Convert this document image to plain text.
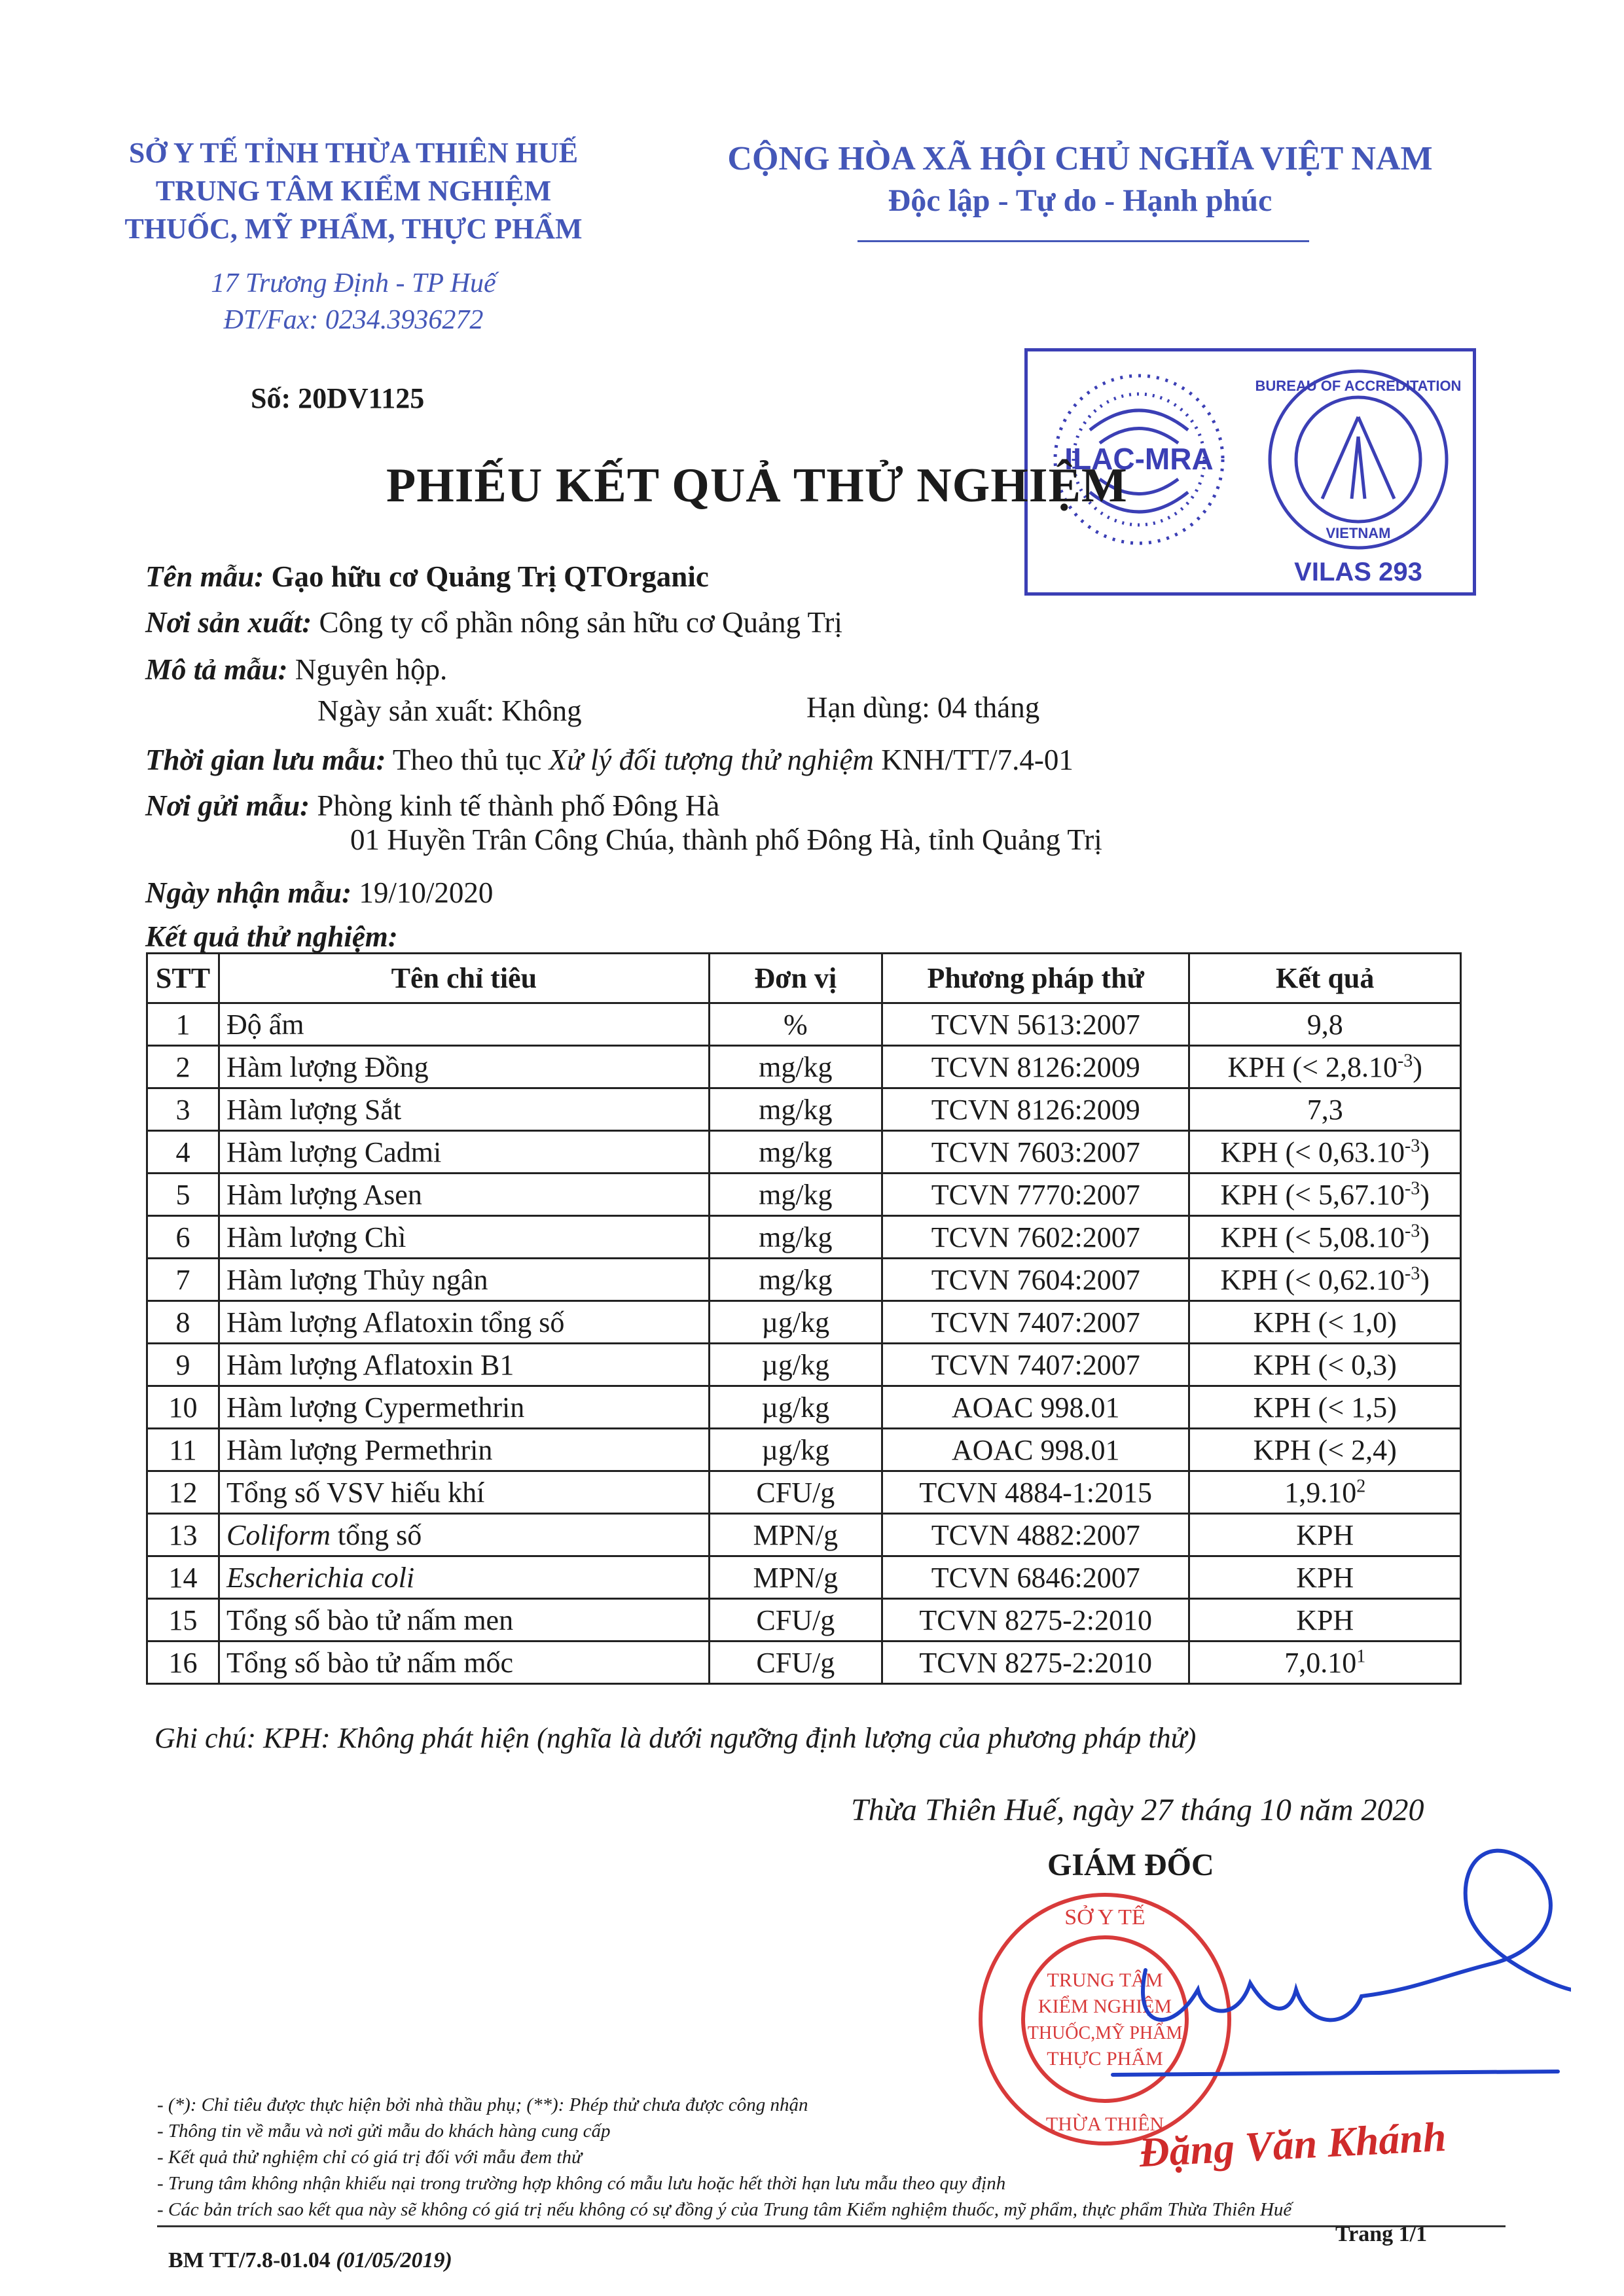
SỞ Y TẾ TỈNH THỪA THIÊN HUẾ
TRUNG TÂM KIỂM NGHIỆM
THUỐC, MỸ PHẨM, THỰC PHẨM
17 Trương Định - TP Huế
ĐT/Fax: 0234.3936272
CỘNG HÒA XÃ HỘI CHỦ NGHĨA VIỆT NAM
Độc lập - Tự do - Hạnh phúc
ILAC-MRA
BUREAU OF ACCREDITATION
VIETNAM
VILAS 293
Số: 20DV1125
PHIẾU KẾT QUẢ THỬ NGHIỆM
Tên mẫu: Gạo hữu cơ Quảng Trị QTOrganic
Nơi sản xuất: Công ty cổ phần nông sản hữu cơ Quảng Trị
Mô tả mẫu: Nguyên hộp.
Ngày sản xuất: Không	Hạn dùng: 04 tháng
Thời gian lưu mẫu: Theo thủ tục Xử lý đối tượng thử nghiệm KNH/TT/7.4-01
Nơi gửi mẫu: Phòng kinh tế thành phố Đông Hà
01 Huyền Trân Công Chúa, thành phố Đông Hà, tỉnh Quảng Trị
Ngày nhận mẫu: 19/10/2020
Kết quả thử nghiệm:
STT	Tên chỉ tiêu	Đơn vị	Phương pháp thử	Kết quả
1	Độ ẩm	%	TCVN 5613:2007	9,8
2	Hàm lượng Đồng	mg/kg	TCVN 8126:2009	KPH (< $2,8.10^{-3}$)
3	Hàm lượng Sắt	mg/kg	TCVN 8126:2009	7,3
4	Hàm lượng Cadmi	mg/kg	TCVN 7603:2007	KPH (< $0,63.10^{-3}$)
5	Hàm lượng Asen	mg/kg	TCVN 7770:2007	KPH (< $5,67.10^{-3}$)
6	Hàm lượng Chì	mg/kg	TCVN 7602:2007	KPH (< $5,08.10^{-3}$)
7	Hàm lượng Thủy ngân	mg/kg	TCVN 7604:2007	KPH (< $0,62.10^{-3}$)
8	Hàm lượng Aflatoxin tổng số	µg/kg	TCVN 7407:2007	KPH (< 1,0)
9	Hàm lượng Aflatoxin B1	µg/kg	TCVN 7407:2007	KPH (< 0,3)
10	Hàm lượng Cypermethrin	µg/kg	AOAC 998.01	KPH (< 1,5)
11	Hàm lượng Permethrin	µg/kg	AOAC 998.01	KPH (< 2,4)
12	Tổng số VSV hiếu khí	CFU/g	TCVN 4884-1:2015	1,9.10$^2$
13	Coliform tổng số	MPN/g	TCVN 4882:2007	KPH
14	Escherichia coli	MPN/g	TCVN 6846:2007	KPH
15	Tổng số bào tử nấm men	CFU/g	TCVN 8275-2:2010	KPH
16	Tổng số bào tử nấm mốc	CFU/g	TCVN 8275-2:2010	7,0.10$^1$
Ghi chú: KPH: Không phát hiện (nghĩa là dưới ngưỡng định lượng của phương pháp thử)
Thừa Thiên Huế, ngày 27 tháng 10 năm 2020
GIÁM ĐỐC
SỞ Y TẾ
THỪA THIÊN
TRUNG TÂM
KIỂM NGHIỆM
THUỐC,MỸ PHẨM
THỰC PHẨM
Đặng Văn Khánh
- (*): Chỉ tiêu được thực hiện bởi nhà thầu phụ; (**): Phép thử chưa được công nhận
- Thông tin về mẫu và nơi gửi mẫu do khách hàng cung cấp
- Kết quả thử nghiệm chỉ có giá trị đối với mẫu đem thử
- Trung tâm không nhận khiếu nại trong trường hợp không có mẫu lưu hoặc hết thời hạn lưu mẫu theo quy định
- Các bản trích sao kết qua này sẽ không có giá trị nếu không có sự đồng ý của Trung tâm Kiểm nghiệm thuốc, mỹ phẩm, thực phẩm Thừa Thiên Huế
BM TT/7.8-01.04 (01/05/2019)
Trang 1/1
